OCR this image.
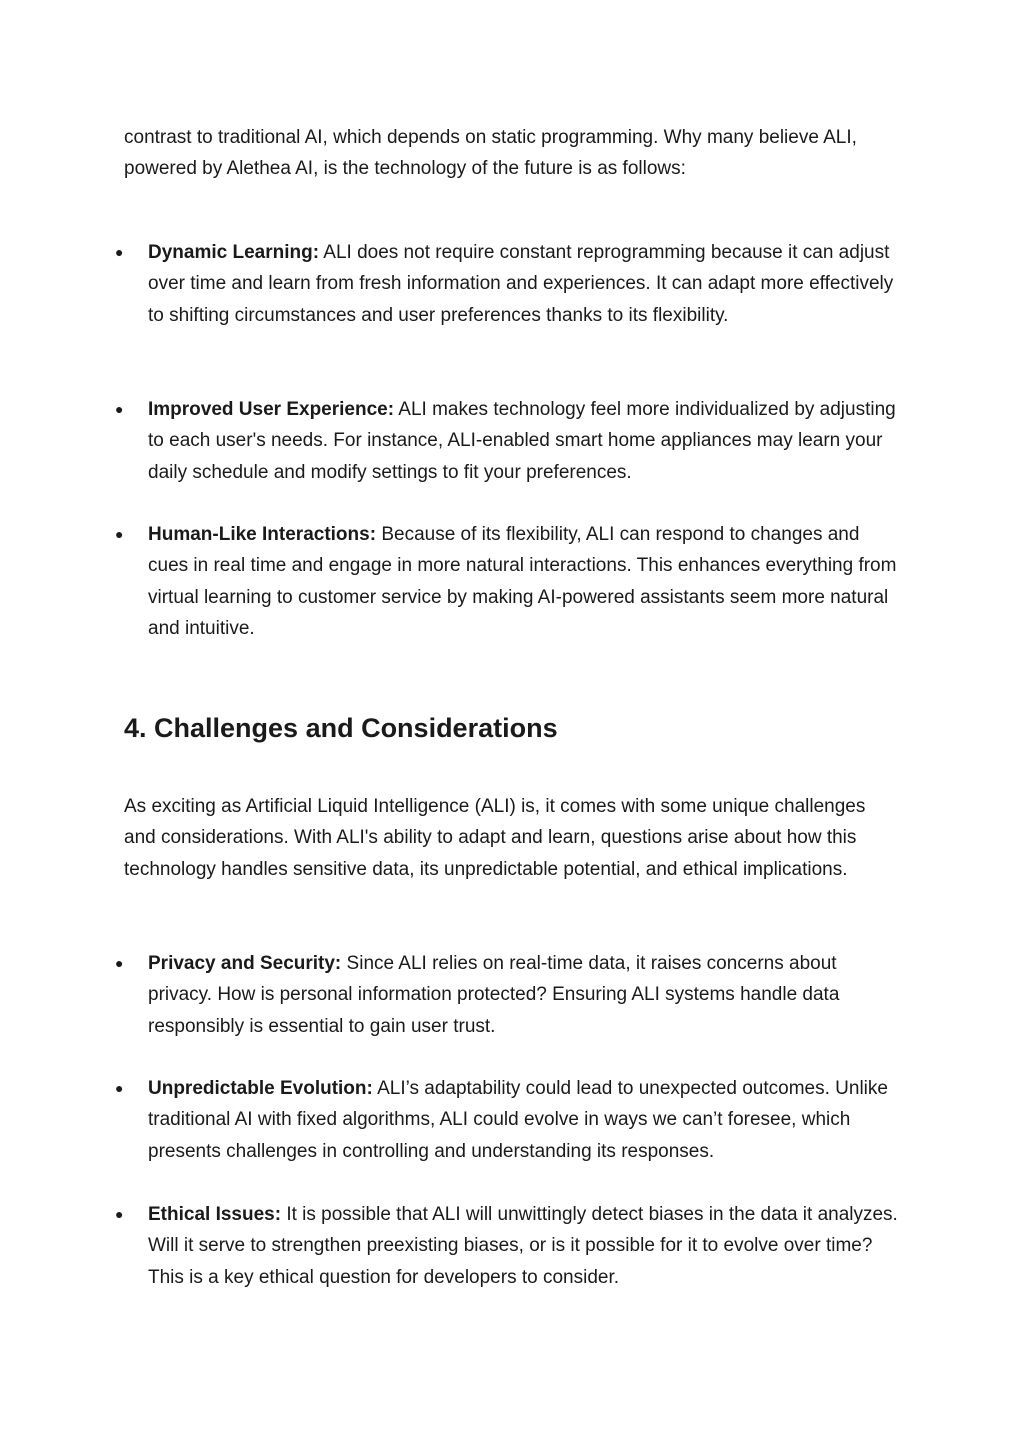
contrast to traditional AI, which depends on static programming. Why many believe ALI, powered by Alethea AI, is the technology of the future is as follows:

●	Dynamic Learning: ALI does not require constant reprogramming because it can adjust over time and learn from fresh information and experiences. It can adapt more effectively to shifting circumstances and user preferences thanks to its flexibility.
●	Improved User Experience: ALI makes technology feel more individualized by adjusting to each user's needs. For instance, ALI-enabled smart home appliances may learn your daily schedule and modify settings to fit your preferences.
●	Human-Like Interactions: Because of its flexibility, ALI can respond to changes and cues in real time and engage in more natural interactions. This enhances everything from virtual learning to customer service by making AI-powered assistants seem more natural and intuitive.
4. Challenges and Considerations

As exciting as Artificial Liquid Intelligence (ALI) is, it comes with some unique challenges and considerations. With ALI's ability to adapt and learn, questions arise about how this technology handles sensitive data, its unpredictable potential, and ethical implications.

●	Privacy and Security: Since ALI relies on real-time data, it raises concerns about privacy. How is personal information protected? Ensuring ALI systems handle data responsibly is essential to gain user trust.
●	Unpredictable Evolution: ALI’s adaptability could lead to unexpected outcomes. Unlike traditional AI with fixed algorithms, ALI could evolve in ways we can’t foresee, which presents challenges in controlling and understanding its responses.
●	Ethical Issues: It is possible that ALI will unwittingly detect biases in the data it analyzes. Will it serve to strengthen preexisting biases, or is it possible for it to evolve over time? This is a key ethical question for developers to consider.
